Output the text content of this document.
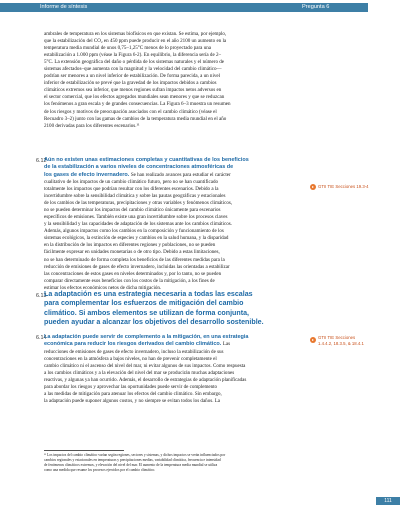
Informe de síntesis	Pregunta 6
ambrales de temperatura en los sistemas biofísicos en que existan. Se estima, por ejemplo,
que la estabilización del CO₂ en 450 ppm puede producir en el año 2100 un aumento en la
temperatura media mundial de unos 0,75–1,25°C menos de lo proyectado para una
estabilización a 1.000 ppm (véase la Figura 6-2). En equilibrio, la diferencia sería de 2–
5°C. La extensión geográfica del daño o pérdida de los sistemas naturales y el número de
sistemas afectados–que aumenta con la magnitud y la velocidad del cambio climático—
podrían ser menores a un nivel inferior de estabilización. De forma parecida, a un nivel
inferior de estabilización se prevé que la gravedad de los impactos debidos a cambios
climáticos extremos sea inferior, que menos regiones sufran impactos netos adversos en
el sector comercial, que los efectos agregados mundiales sean menores y que se reduzcan
los fenómenos a gran escala y de grandes consecuencias. La Figura 6–3 muestra un resumen
de los riesgos y motivos de preocupación asociados con el cambio climático (véase el
Recuadro 3–2) junto con las gamas de cambios de la temperatura media mundial en el año
2100 derivadas para los diferentes escenarios.¹¹
6.12
Aún no existen unas estimaciones completas y cuantitativas de los beneficios
de la estabilización a varios niveles de concentraciones atmosféricas de
los gases de efecto invernadero. Se han realizado avances para estudiar el carácter
GTII TIE Secciones 19.3-4
cualitativo de los impactos de un cambio climático futuro, pero no se han cuantificado
totalmente los impactos que podrían resultar con los diferentes escenarios. Debido a la
incertidumbre sobre la sensibilidad climática y sobre las pautas geográficas y estacionales
de los cambios de las temperaturas, precipitaciones y otras variables y fenómenos climáticos,
no se pueden determinar los impactos del cambio climático únicamente para escenarios
específicos de emisiones. También existe una gran incertidumbre sobre los procesos claves
y la sensibilidad y las capacidades de adaptación de los sistemas ante los cambios climáticos.
Además, algunos impactos como los cambios en la composición y funcionamiento de los
sistemas ecológicos, la extinción de especies y cambios en la salud humana, y la disparidad
en la distribución de los impactos en diferentes regiones y poblaciones, no se pueden
fácilmente expresar en unidades monetarias o de otro tipo. Debido a estas limitaciones,
no se han determinado de forma completa los beneficios de las diferentes medidas para la
reducción de emisiones de gases de efecto invernadero, incluidas las orientadas a estabilizar
las concentraciones de estos gases en niveles determinados y, por lo tanto, no se pueden
comparar directamente esos beneficios con los costos de la mitigación, a los fines de
estimar los efectos económicos netos de dicha mitigación.
6.13
La adaptación es una estrategia necesaria a todas las escalas
para complementar los esfuerzos de mitigación del cambio
climático. Si ambos elementos se utilizan de forma conjunta,
pueden ayudar a alcanzar los objetivos del desarrollo sostenible.
6.14
La adaptación puede servir de complemento a la mitigación, en una estrategia
económica para reducir los riesgos derivados del cambio climático. Las
GTII TIE Secciones
1.4.4.2, 18.3.5, & 18.4.1
reducciones de emisiones de gases de efecto invernadero, incluso la estabilización de sus
concentraciones en la atmósfera a bajos niveles, no han de prevenir completamente el
cambio climático ni el ascenso del nivel del mar, ni evitar algunos de sus impactos. Como respuesta
a los cambios climáticos y a la elevación del nivel del mar se producirán muchas adaptaciones
reactivas, y algunas ya han ocurrido. Además, el desarrollo de estrategias de adaptación planificadas
para abordar los riesgos y aprovechar las oportunidades puede servir de complemento
a las medidas de mitigación para atenuar los efectos del cambio climático. Sin embargo,
la adaptación puede suponer algunos costos, y no siempre se evitan todos los daños. La
¹¹ Los impactos del cambio climático varían según regiones, sectores y sistemas, y dichos impactos se verán influenciados por
cambios regionales y estacionales en temperaturas y precipitaciones medias, variabilidad climática, frecuencia e intensidad
de fenómenos climáticos extremos, y elevación del nivel del mar. El aumento de la temperatura media mundial se utiliza
como una medida que resume los procesos ejercidos por el cambio climático.
111
